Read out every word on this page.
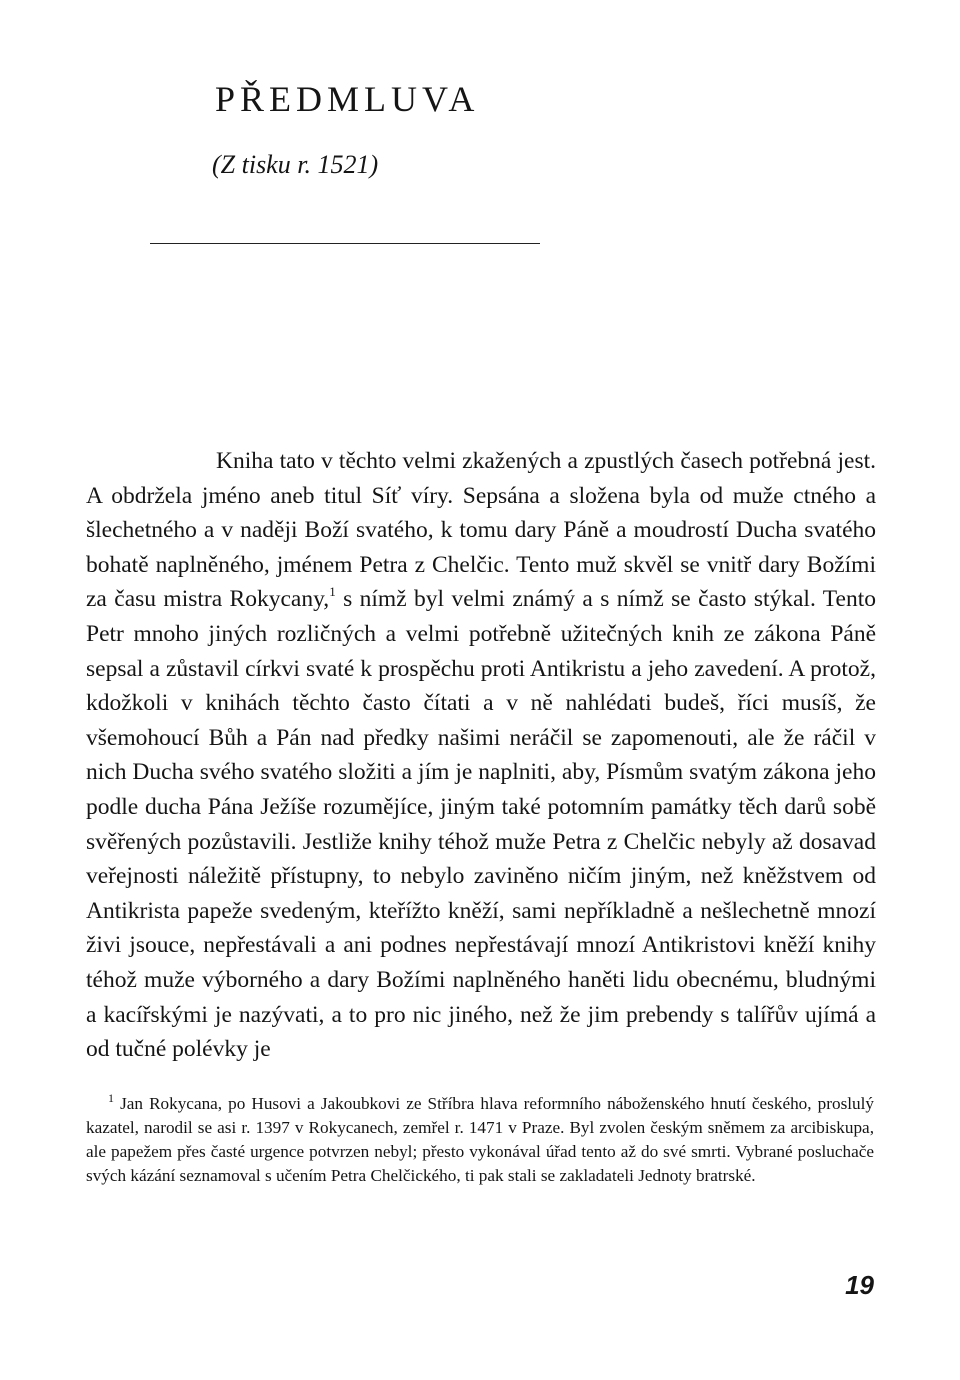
PŘEDMLUVA

(Z tisku r. 1521)

Kniha tato v těchto velmi zkažených a zpustlých časech potřebná jest. A obdržela jméno aneb titul Síť víry. Sepsána a složena byla od muže ctného a šlechetného a v naději Boží svatého, k tomu dary Páně a moudrostí Ducha svatého bohatě naplněného, jménem Petra z Chelčic. Tento muž skvěl se vnitř dary Božími za času mistra Rokycany,$^1$ s nímž byl velmi známý a s nímž se často stýkal. Tento Petr mnoho jiných rozličných a velmi potřebně užitečných knih ze zákona Páně sepsal a zůstavil církvi svaté k prospěchu proti Antikristu a jeho zavedení. A protož, kdožkoli v knihách těchto často čítati a v ně nahlédati budeš, říci musíš, že všemohoucí Bůh a Pán nad předky našimi neráčil se zapomenouti, ale že ráčil v nich Ducha svého svatého složiti a jím je naplniti, aby, Písmům svatým zákona jeho podle ducha Pána Ježíše rozumějíce, jiným také potomním památky těch darů sobě svěřených pozůstavili. Jestliže knihy téhož muže Petra z Chelčic nebyly až dosavad veřejnosti náležitě přístupny, to nebylo zaviněno ničím jiným, než kněžstvem od Antikrista papeže svedeným, kteřížto kněží, sami nepříkladně a nešlechetně mnozí živi jsouce, nepřestávali a ani podnes nepřestávají mnozí Antikristovi kněží knihy téhož muže výborného a dary Božími naplněného haněti lidu obecnému, bludnými a kacířskými je nazývati, a to pro nic jiného, než že jim prebendy s talířův ujímá a od tučné polévky je

$^1$ Jan Rokycana, po Husovi a Jakoubkovi ze Stříbra hlava reformního náboženského hnutí českého, proslulý kazatel, narodil se asi r. 1397 v Rokycanech, zemřel r. 1471 v Praze. Byl zvolen českým sněmem za arcibiskupa, ale papežem přes časté urgence potvrzen nebyl; přesto vykonával úřad tento až do své smrti. Vybrané posluchače svých kázání seznamoval s učením Petra Chelčického, ti pak stali se zakladateli Jednoty bratrské.

19
